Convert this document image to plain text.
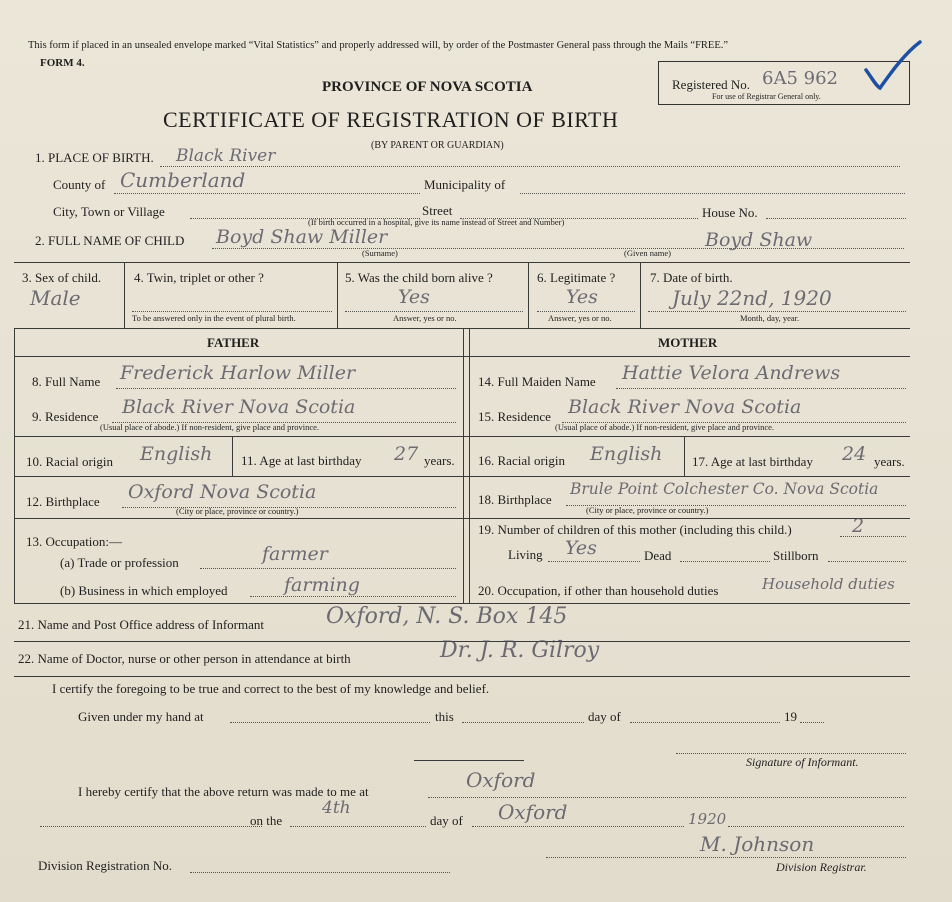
This form if placed in an unsealed envelope marked “Vital Statistics” and properly addressed will, by order of the Postmaster General pass through the Mails “FREE.”
FORM 4.
PROVINCE OF NOVA SCOTIA
CERTIFICATE OF REGISTRATION OF BIRTH
(BY PARENT OR GUARDIAN)
Registered No. 6A5 962
For use of Registrar General only.
1. PLACE OF BIRTH. Black River
County of Cumberland	Municipality of
City, Town or Village	Street	House No.
(If birth occurred in a hospital, give its name instead of Street and Number)
2. FULL NAME OF CHILD Boyd Shaw Miller
(Surname)
Boyd Shaw
(Given name)
3. Sex of child.
Male
4. Twin, triplet or other ?
To be answered only in the event of plural birth.
5. Was the child born alive ?
Yes
Answer, yes or no.
6. Legitimate ?
Yes
Answer, yes or no.
7. Date of birth.
July 22nd, 1920
Month, day, year.
FATHER	MOTHER
8. Full Name Frederick Harlow Miller
9. Residence Black River Nova Scotia
(Usual place of abode.) If non-resident, give place and province.
10. Racial origin English 11. Age at last birthday 27 years.
12. Birthplace Oxford Nova Scotia
(City or place, province or country.)
13. Occupation:—
(a) Trade or profession	farmer
(b) Business in which employed	farming
14. Full Maiden Name Hattie Velora Andrews
15. Residence Black River Nova Scotia
(Usual place of abode.) If non-resident, give place and province.
16. Racial origin English 17. Age at last birthday 24 years.
18. Birthplace
Brule Point Colchester Co. Nova Scotia
(City or place, province or country.)
19. Number of children of this mother (including this child.)	2
Living Yes	Dead	Stillborn
20. Occupation, if other than household duties	Household duties
21. Name and Post Office address of Informant	Oxford, N. S. Box 145
22. Name of Doctor, nurse or other person in attendance at birth	Dr. J. R. Gilroy
I certify the foregoing to be true and correct to the best of my knowledge and belief.
Given under my hand at	this	day of	19
Signature of Informant.
I hereby certify that the above return was made to me at	Oxford
on the
4th
day of Oxford	1920
Division Registration No.
M. Johnson
Division Registrar.
